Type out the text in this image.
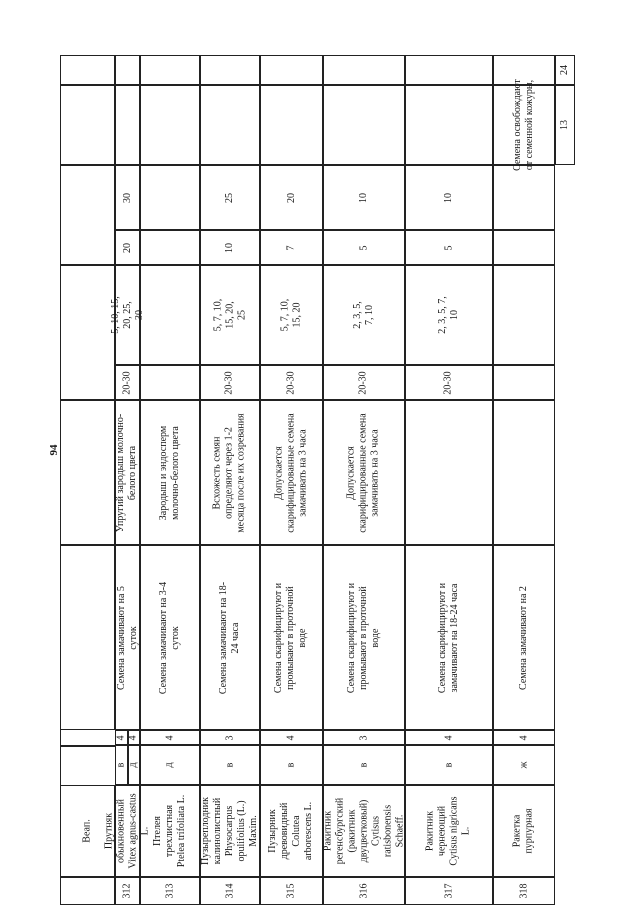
94
Веап.
24
13
312
Прутняк обыкновенный Vitex agnus-castus L.
в
4
д
4
Семена замачивают на 5 суток
Упругий зародыш молочно- белого цвета
20-30
5, 10, 15, 20, 25, 30
20
30
313
Птелея трехлистная Ptelea trifoliata L.
д
4
Семена замачивают на 3-4 суток
Зародыш и эндосперм молочно-белого цвета
314
Пузыреплодник калинолистный Physocarpus opulifolius (L.) Maxim.
в
3
Семена замачивают на 18- 24 часа
Всхожесть семян определяют через 1-2 месяца после их созревания
20-30
5, 7, 10, 15, 20, 25
10
25
315
Пузырник древовидный Colutea arborescens L.
в
4
Семена скарифицируют и промывают в проточной воде
Допускается скарифицированные семена замачивать на 3 часа
20-30
5, 7, 10, 15, 20
7
20
316
Ракитник регенсбургский (ракитник двуцветковый) Cytisus ratisbonensis Schaeff.
в
3
Семена скарифицируют и промывают в проточной воде
Допускается скарифицированные семена замачивать на 3 часа
20-30
2, 3, 5, 7, 10
5
10
317
Ракитник чернеющий Cytisus nigricans L.
в
4
Семена скарифицируют и замачивают на 18-24 часа
20-30
2, 3, 5, 7, 10
5
10
318
Ракетка пурпурная
ж
4
Семена замачивают на 2
Семена освобождают от семенной кожуры,
